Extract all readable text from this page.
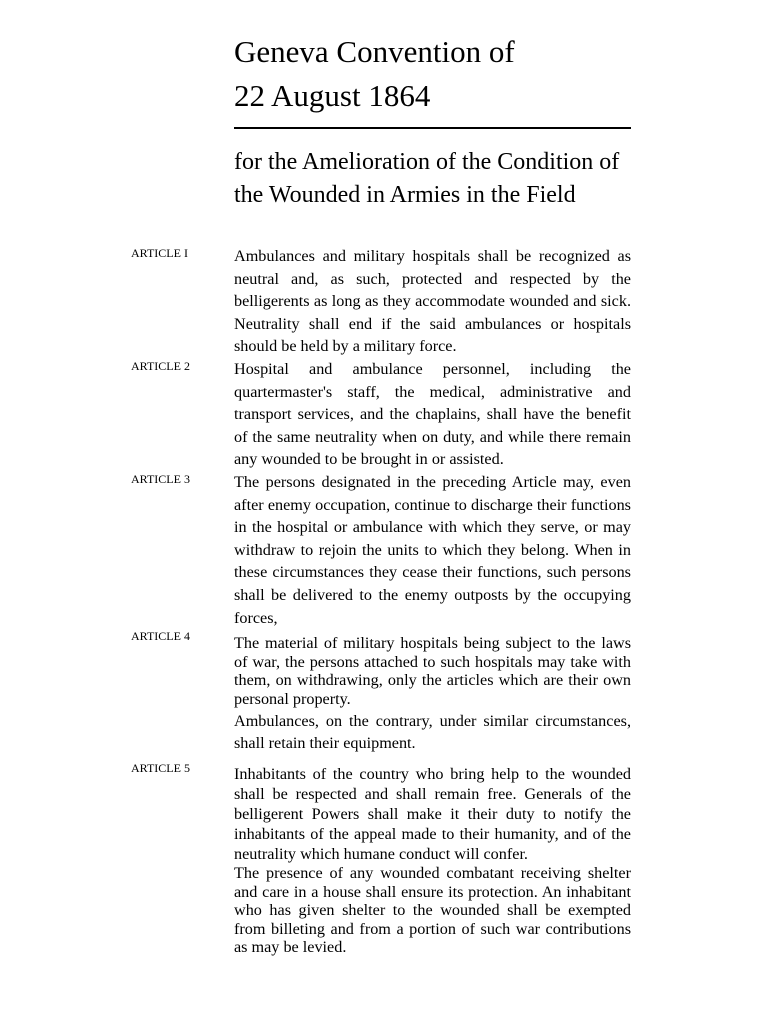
Geneva Convention of
22 August 1864
for the Amelioration of the Condition of the Wounded in Armies in the Field
ARTICLE I	Ambulances and military hospitals shall be recognized as neutral and, as such, protected and respected by the belligerents as long as they accommodate wounded and sick. Neutrality shall end if the said ambulances or hospitals should be held by a military force.

ARTICLE 2	Hospital and ambulance personnel, including the quartermaster's staff, the medical, administrative and transport services, and the chaplains, shall have the benefit of the same neutrality when on duty, and while there remain any wounded to be brought in or assisted.

ARTICLE 3	The persons designated in the preceding Article may, even after enemy occupation, continue to discharge their functions in the hospital or ambulance with which they serve, or may withdraw to rejoin the units to which they belong. When in these circumstances they cease their functions, such persons shall be delivered to the enemy outposts by the occupying forces,

ARTICLE 4	The material of military hospitals being subject to the laws of war, the persons attached to such hospitals may take with them, on withdrawing, only the articles which are their own personal property.

Ambulances, on the contrary, under similar circumstances, shall retain their equipment.

ARTICLE 5	Inhabitants of the country who bring help to the wounded shall be respected and shall remain free. Generals of the belligerent Powers shall make it their duty to notify the inhabitants of the appeal made to their humanity, and of the neutrality which humane conduct will confer.

The presence of any wounded combatant receiving shelter and care in a house shall ensure its protection. An inhabitant who has given shelter to the wounded shall be exempted from billeting and from a portion of such war contributions as may be levied.
